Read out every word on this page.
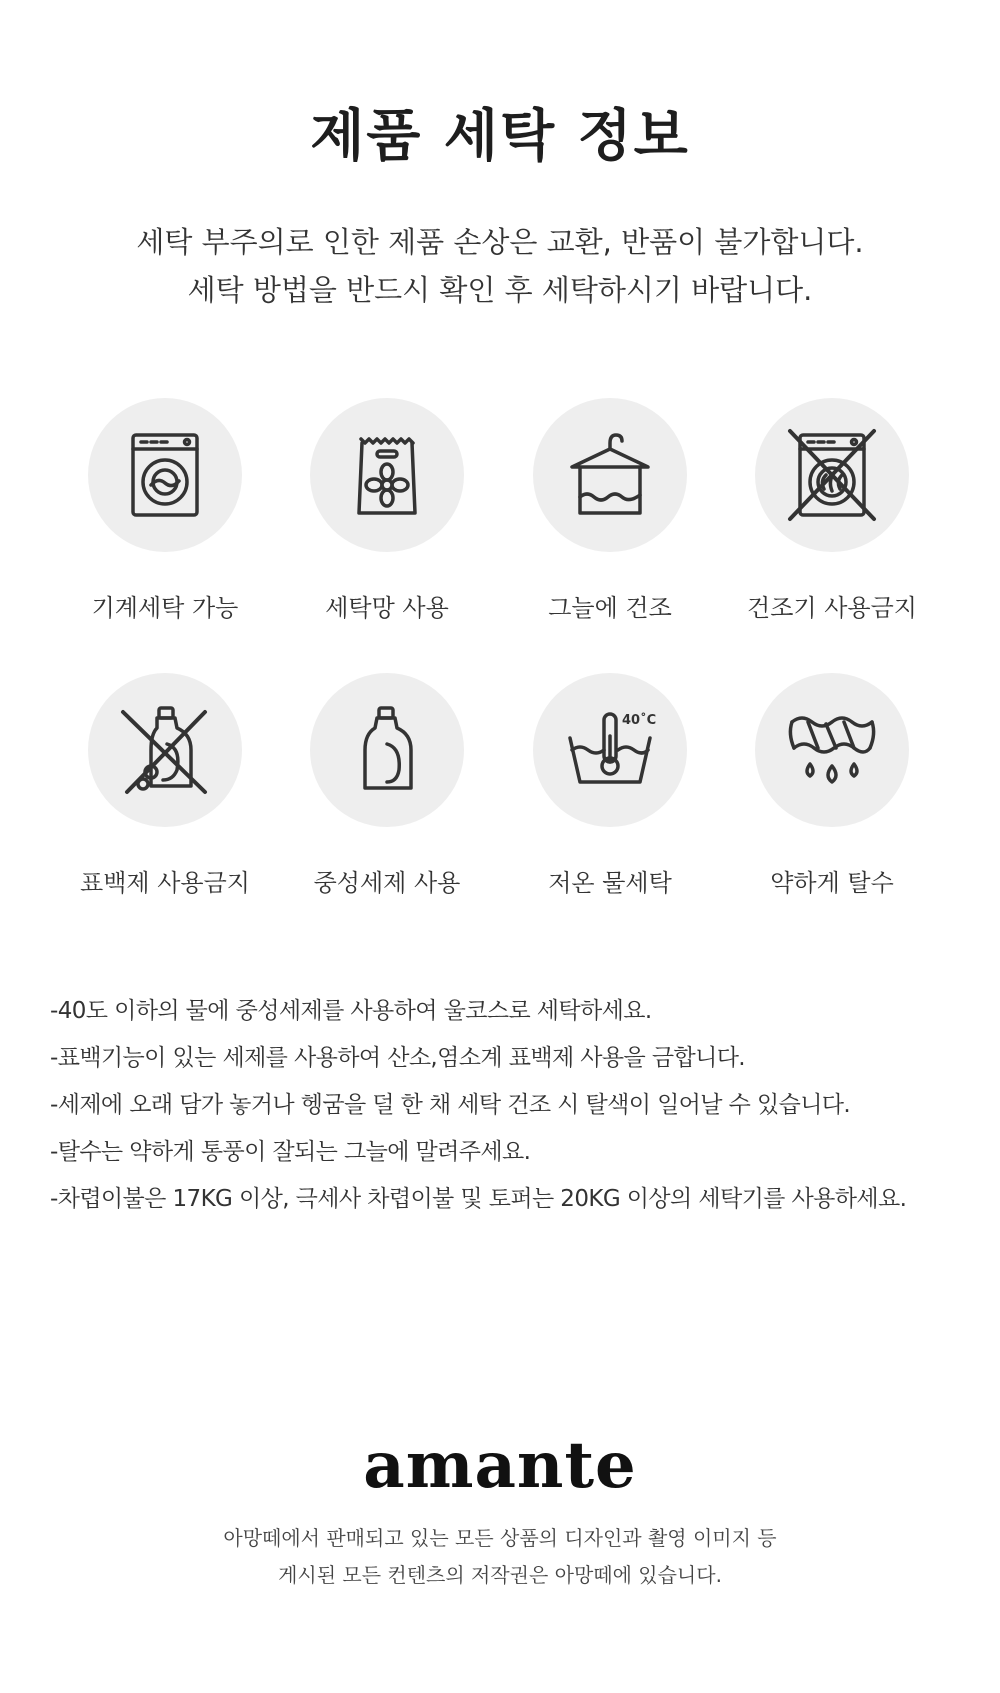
제품 세탁 정보
세탁 부주의로 인한 제품 손상은 교환, 반품이 불가합니다.
세탁 방법을 반드시 확인 후 세탁하시기 바랍니다.
기계세탁 가능	세탁망 사용	그늘에 건조	건조기 사용금지
표백제 사용금지	중성세제 사용
40˚C
저온 물세탁	약하게 탈수
-40도 이하의 물에 중성세제를 사용하여 울코스로 세탁하세요.
-표백기능이 있는 세제를 사용하여 산소,염소계 표백제 사용을 금합니다.
-세제에 오래 담가 놓거나 헹굼을 덜 한 채 세탁 건조 시 탈색이 일어날 수 있습니다.
-탈수는 약하게 통풍이 잘되는 그늘에 말려주세요.
-차렵이불은 17KG 이상, 극세사 차렵이불 및 토퍼는 20KG 이상의 세탁기를 사용하세요.
amante
아망떼에서 판매되고 있는 모든 상품의 디자인과 촬영 이미지 등
게시된 모든 컨텐츠의 저작권은 아망떼에 있습니다.
